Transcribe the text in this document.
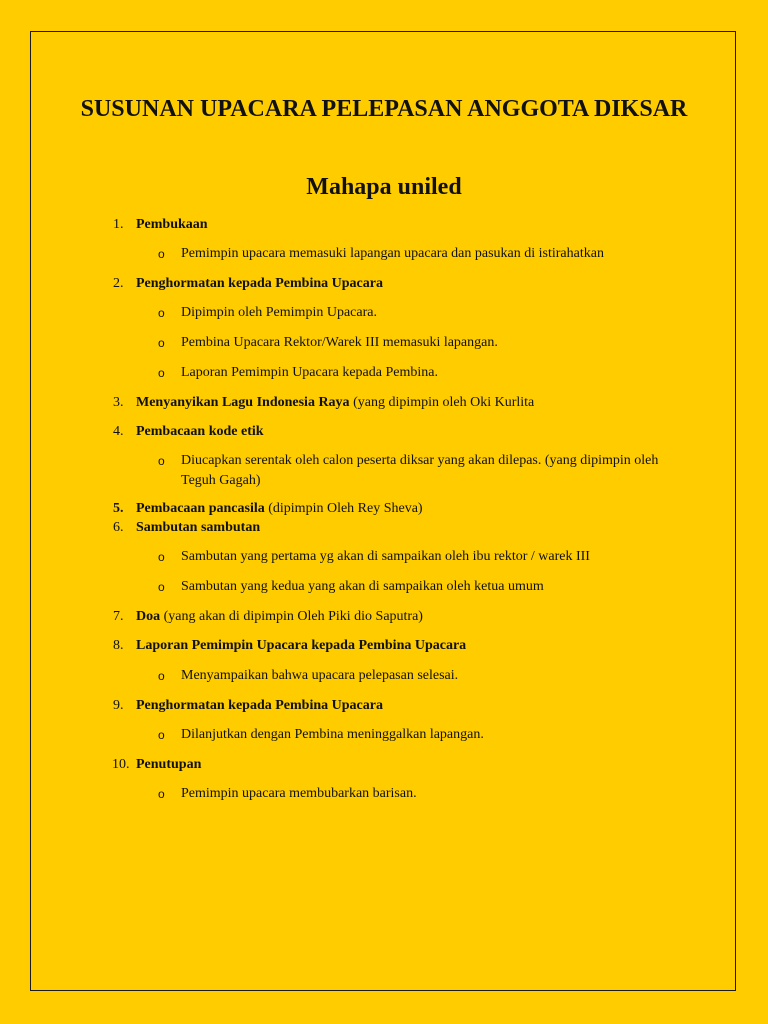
SUSUNAN UPACARA PELEPASAN ANGGOTA DIKSAR
Mahapa uniled
1. Pembukaan
o Pemimpin upacara memasuki lapangan upacara dan pasukan di istirahatkan
2. Penghormatan kepada Pembina Upacara
o Dipimpin oleh Pemimpin Upacara.
o Pembina Upacara Rektor/Warek III memasuki lapangan.
o Laporan Pemimpin Upacara kepada Pembina.
3. Menyanyikan Lagu Indonesia Raya (yang dipimpin oleh Oki Kurlita
4. Pembacaan kode etik
o Diucapkan serentak oleh calon peserta diksar yang akan dilepas. (yang dipimpin oleh Teguh Gagah)
5. Pembacaan pancasila (dipimpin Oleh Rey Sheva)
6. Sambutan sambutan
o Sambutan yang pertama yg akan di sampaikan oleh ibu rektor / warek III
o Sambutan yang kedua yang akan di sampaikan oleh ketua umum
7. Doa (yang akan di dipimpin Oleh Piki dio Saputra)
8. Laporan Pemimpin Upacara kepada Pembina Upacara
o Menyampaikan bahwa upacara pelepasan selesai.
9. Penghormatan kepada Pembina Upacara
o Dilanjutkan dengan Pembina meninggalkan lapangan.
10. Penutupan
o Pemimpin upacara membubarkan barisan.
